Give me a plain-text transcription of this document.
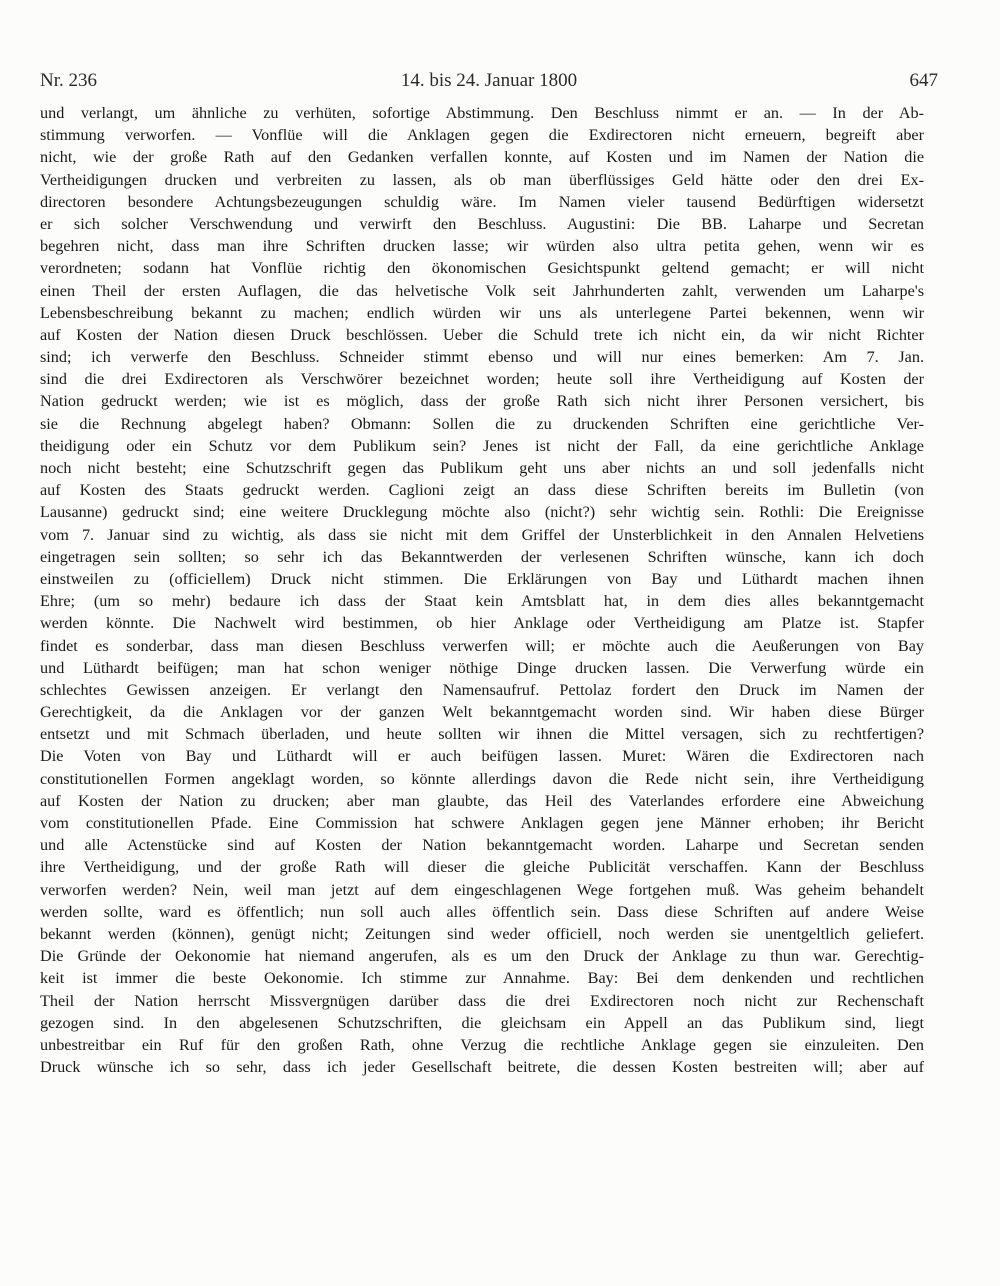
Nr. 236	14. bis 24. Januar 1800	647
und verlangt, um ähnliche zu verhüten, sofortige Abstimmung. Den Beschluss nimmt er an. — In der Ab-
stimmung verworfen. — Vonflüe will die Anklagen gegen die Exdirectoren nicht erneuern, begreift aber
nicht, wie der große Rath auf den Gedanken verfallen konnte, auf Kosten und im Namen der Nation die
Vertheidigungen drucken und verbreiten zu lassen, als ob man überflüssiges Geld hätte oder den drei Ex-
directoren besondere Achtungsbezeugungen schuldig wäre. Im Namen vieler tausend Bedürftigen widersetzt
er sich solcher Verschwendung und verwirft den Beschluss. Augustini: Die BB. Laharpe und Secretan
begehren nicht, dass man ihre Schriften drucken lasse; wir würden also ultra petita gehen, wenn wir es
verordneten; sodann hat Vonflüe richtig den ökonomischen Gesichtspunkt geltend gemacht; er will nicht
einen Theil der ersten Auflagen, die das helvetische Volk seit Jahrhunderten zahlt, verwenden um Laharpe's
Lebensbeschreibung bekannt zu machen; endlich würden wir uns als unterlegene Partei bekennen, wenn wir
auf Kosten der Nation diesen Druck beschlössen. Ueber die Schuld trete ich nicht ein, da wir nicht Richter
sind; ich verwerfe den Beschluss. Schneider stimmt ebenso und will nur eines bemerken: Am 7. Jan.
sind die drei Exdirectoren als Verschwörer bezeichnet worden; heute soll ihre Vertheidigung auf Kosten der
Nation gedruckt werden; wie ist es möglich, dass der große Rath sich nicht ihrer Personen versichert, bis
sie die Rechnung abgelegt haben? Obmann: Sollen die zu druckenden Schriften eine gerichtliche Ver-
theidigung oder ein Schutz vor dem Publikum sein? Jenes ist nicht der Fall, da eine gerichtliche Anklage
noch nicht besteht; eine Schutzschrift gegen das Publikum geht uns aber nichts an und soll jedenfalls nicht
auf Kosten des Staats gedruckt werden. Caglioni zeigt an dass diese Schriften bereits im Bulletin (von
Lausanne) gedruckt sind; eine weitere Drucklegung möchte also (nicht?) sehr wichtig sein. Rothli: Die Ereignisse
vom 7. Januar sind zu wichtig, als dass sie nicht mit dem Griffel der Unsterblichkeit in den Annalen Helvetiens
eingetragen sein sollten; so sehr ich das Bekanntwerden der verlesenen Schriften wünsche, kann ich doch
einstweilen zu (officiellem) Druck nicht stimmen. Die Erklärungen von Bay und Lüthardt machen ihnen
Ehre; (um so mehr) bedaure ich dass der Staat kein Amtsblatt hat, in dem dies alles bekanntgemacht
werden könnte. Die Nachwelt wird bestimmen, ob hier Anklage oder Vertheidigung am Platze ist. Stapfer
findet es sonderbar, dass man diesen Beschluss verwerfen will; er möchte auch die Aeußerungen von Bay
und Lüthardt beifügen; man hat schon weniger nöthige Dinge drucken lassen. Die Verwerfung würde ein
schlechtes Gewissen anzeigen. Er verlangt den Namensaufruf. Pettolaz fordert den Druck im Namen der
Gerechtigkeit, da die Anklagen vor der ganzen Welt bekanntgemacht worden sind. Wir haben diese Bürger
entsetzt und mit Schmach überladen, und heute sollten wir ihnen die Mittel versagen, sich zu rechtfertigen?
Die Voten von Bay und Lüthardt will er auch beifügen lassen. Muret: Wären die Exdirectoren nach
constitutionellen Formen angeklagt worden, so könnte allerdings davon die Rede nicht sein, ihre Vertheidigung
auf Kosten der Nation zu drucken; aber man glaubte, das Heil des Vaterlandes erfordere eine Abweichung
vom constitutionellen Pfade. Eine Commission hat schwere Anklagen gegen jene Männer erhoben; ihr Bericht
und alle Actenstücke sind auf Kosten der Nation bekanntgemacht worden. Laharpe und Secretan senden
ihre Vertheidigung, und der große Rath will dieser die gleiche Publicität verschaffen. Kann der Beschluss
verworfen werden? Nein, weil man jetzt auf dem eingeschlagenen Wege fortgehen muß. Was geheim behandelt
werden sollte, ward es öffentlich; nun soll auch alles öffentlich sein. Dass diese Schriften auf andere Weise
bekannt werden (können), genügt nicht; Zeitungen sind weder officiell, noch werden sie unentgeltlich geliefert.
Die Gründe der Oekonomie hat niemand angerufen, als es um den Druck der Anklage zu thun war. Gerechtig-
keit ist immer die beste Oekonomie. Ich stimme zur Annahme. Bay: Bei dem denkenden und rechtlichen
Theil der Nation herrscht Missvergnügen darüber dass die drei Exdirectoren noch nicht zur Rechenschaft
gezogen sind. In den abgelesenen Schutzschriften, die gleichsam ein Appell an das Publikum sind, liegt
unbestreitbar ein Ruf für den großen Rath, ohne Verzug die rechtliche Anklage gegen sie einzuleiten. Den
Druck wünsche ich so sehr, dass ich jeder Gesellschaft beitrete, die dessen Kosten bestreiten will; aber auf
